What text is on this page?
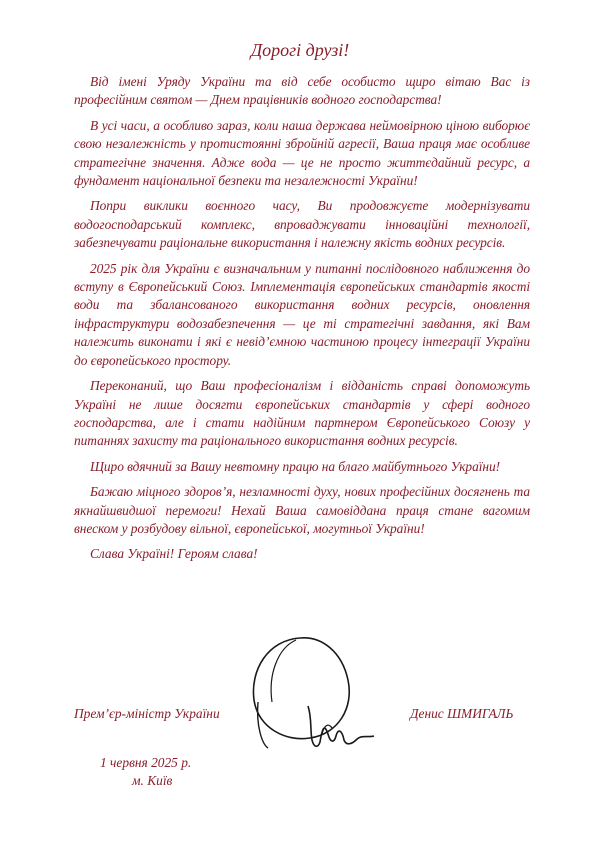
Дорогі друзі!

Від імені Уряду України та від себе особисто щиро вітаю Вас із професійним святом — Днем працівників водного господарства!

В усі часи, а особливо зараз, коли наша держава неймовірною ціною виборює свою незалежність у протистоянні збройній агресії, Ваша праця має особливе стратегічне значення. Адже вода — це не просто життєдайний ресурс, а фундамент національної безпеки та незалежності України!

Попри виклики воєнного часу, Ви продовжуєте модернізувати водогосподарський комплекс, впроваджувати інноваційні технології, забезпечувати раціональне використання і належну якість водних ресурсів.

2025 рік для України є визначальним у питанні послідовного наближення до вступу в Європейський Союз. Імплементація європейських стандартів якості води та збалансованого використання водних ресурсів, оновлення інфраструктури водозабезпечення — це ті стратегічні завдання, які Вам належить виконати і які є невід’ємною частиною процесу інтеграції України до європейського простору.

Переконаний, що Ваш професіоналізм і відданість справі допоможуть Україні не лише досягти європейських стандартів у сфері водного господарства, але і стати надійним партнером Європейського Союзу у питаннях захисту та раціонального використання водних ресурсів.

Щиро вдячний за Вашу невтомну працю на благо майбутнього України!

Бажаю міцного здоров’я, незламності духу, нових професійних досягнень та якнайшвидшої перемоги! Нехай Ваша самовіддана праця стане вагомим внеском у розбудову вільної, європейської, могутньої України!

Слава Україні! Героям слава!

Прем’єр-міністр України	Денис ШМИГАЛЬ
1 червня 2025 р.
м. Київ
